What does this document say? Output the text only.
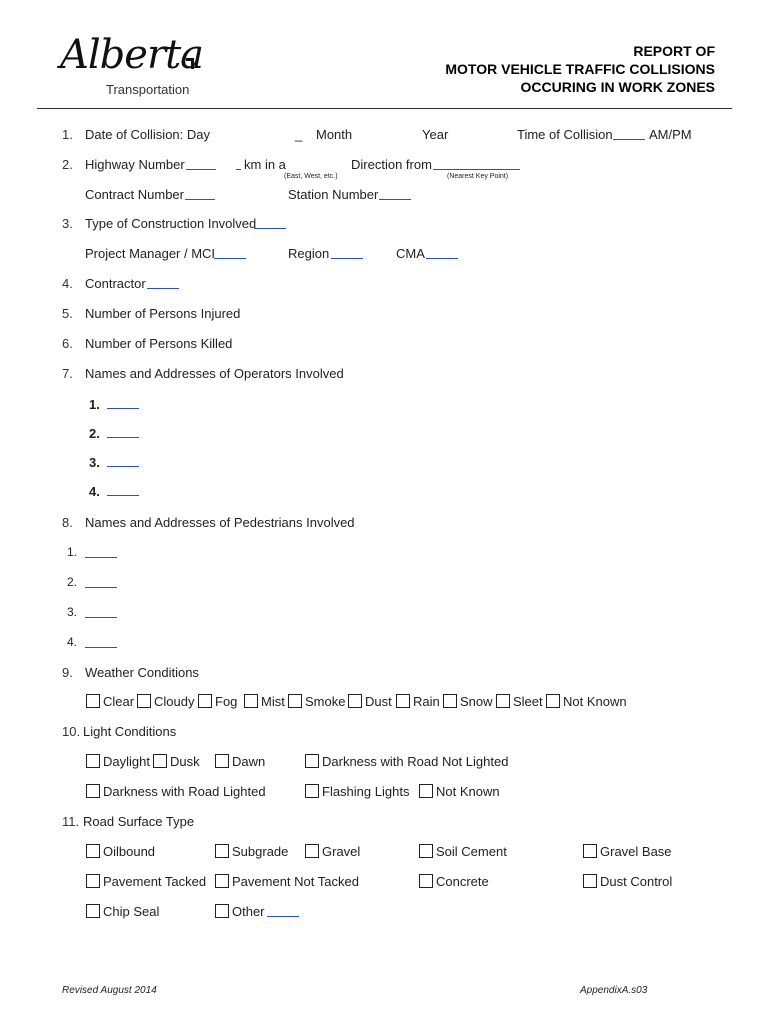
Alberta
Transportation
REPORT OF
MOTOR VEHICLE TRAFFIC COLLISIONS
OCCURING IN WORK ZONES
1. Date of Collision: Day	_ Month	Year	Time of Collision	AM/PM
2. Highway Number	km in a	Direction from
(East, West, etc.)	(Nearest Key Point)
Contract Number	Station Number
3. Type of Construction Involved
Project Manager / MCI	Region	CMA
4. Contractor
5. Number of Persons Injured
6. Number of Persons Killed
7. Names and Addresses of Operators Involved
1.
2.
3.
4.
8. Names and Addresses of Pedestrians Involved
1.
2.
3.
4.
9. Weather Conditions
Clear	Cloudy	Fog	Mist	Smoke	Dust	Rain	Snow	Sleet	Not Known
10. Light Conditions
Daylight	Dusk	Dawn	Darkness with Road Not Lighted
Darkness with Road Lighted	Flashing Lights	Not Known
11. Road Surface Type
Oilbound	Subgrade	Gravel	Soil Cement	Gravel Base
Pavement Tacked	Pavement Not Tacked	Concrete	Dust Control
Chip Seal	Other
Revised August 2014	AppendixA.s03
